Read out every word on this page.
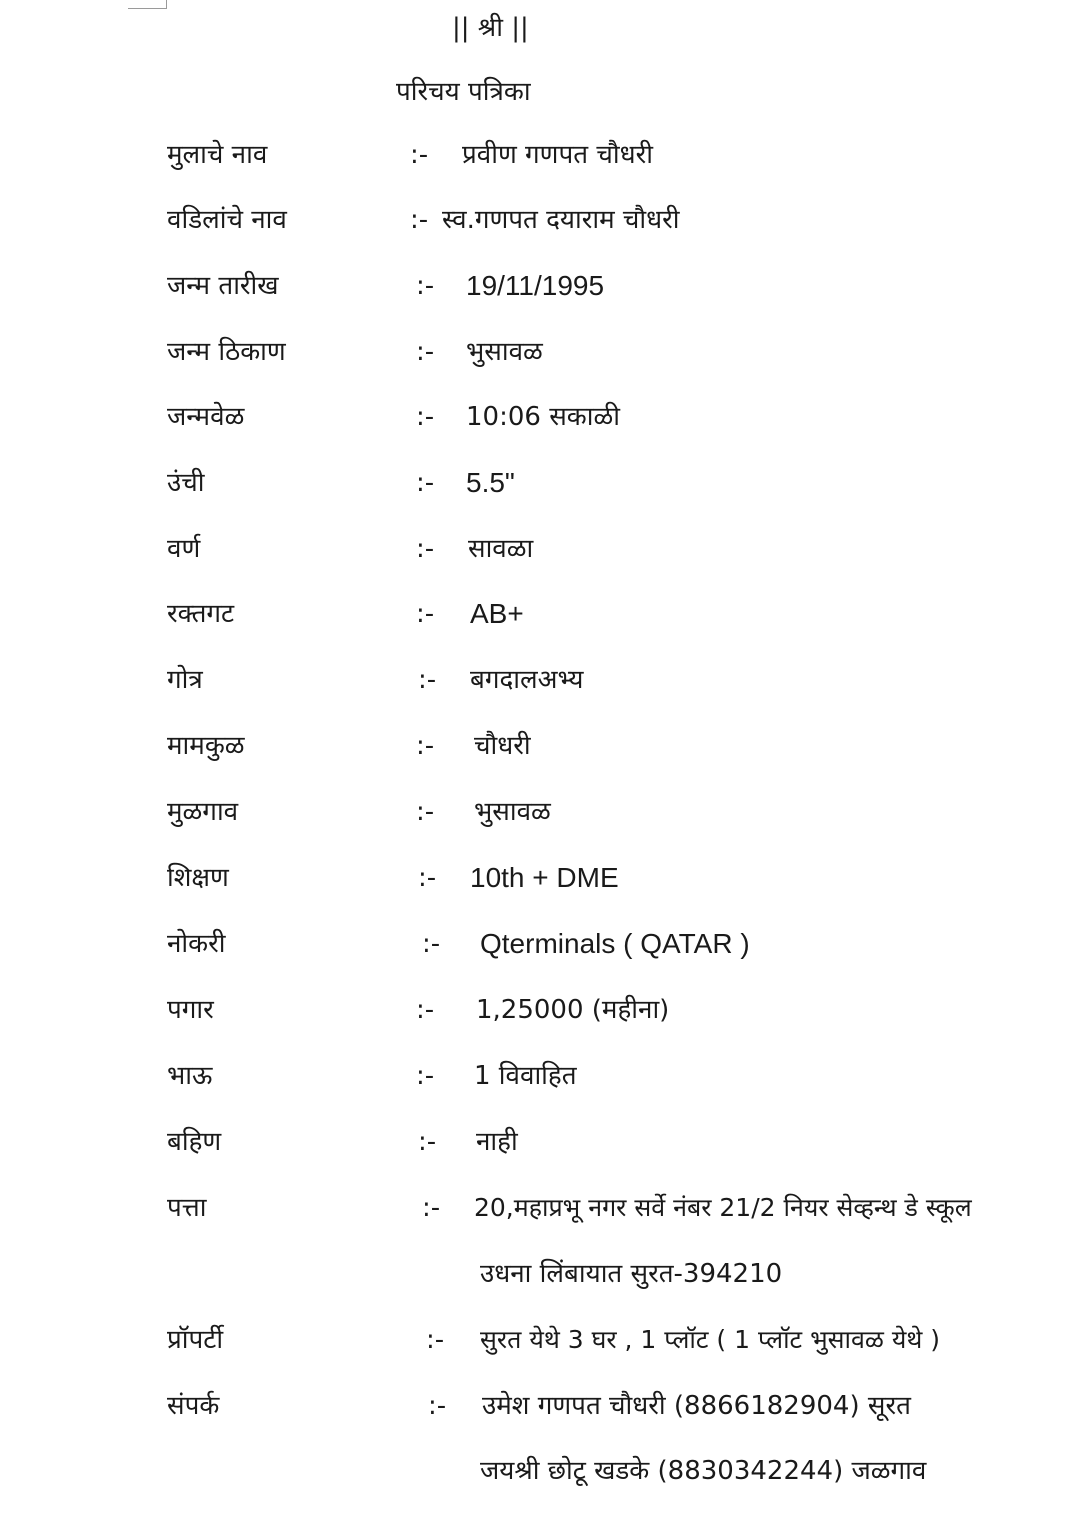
|| श्री ||
परिचय पत्रिका
मुलाचे नाव	:- प्रवीण गणपत चौधरी
वडिलांचे नाव	:- स्व.गणपत दयाराम चौधरी
जन्म तारीख	:- 19/11/1995
जन्म ठिकाण	:- भुसावळ
जन्मवेळ	:- 10:06 सकाळी
उंची	:- 5.5"
वर्ण	:- सावळा
रक्तगट	:- AB+
गोत्र	:- बगदालअभ्य
मामकुळ	:- चौधरी
मुळगाव	:- भुसावळ
शिक्षण	:- 10th + DME
नोकरी	:- Qterminals ( QATAR )
पगार	:- 1,25000 (महीना)
भाऊ	:- 1 विवाहित
बहिण	:- नाही
पत्ता	:- 20,महाप्रभू नगर सर्वे नंबर 21/2 नियर सेव्हन्थ डे स्कूल
उधना लिंबायात सुरत-394210
प्रॉपर्टी	:- सुरत येथे 3 घर , 1 प्लॉट ( 1 प्लॉट भुसावळ येथे )
संपर्क	:- उमेश गणपत चौधरी (8866182904) सूरत
जयश्री छोटू खडके (8830342244) जळगाव
